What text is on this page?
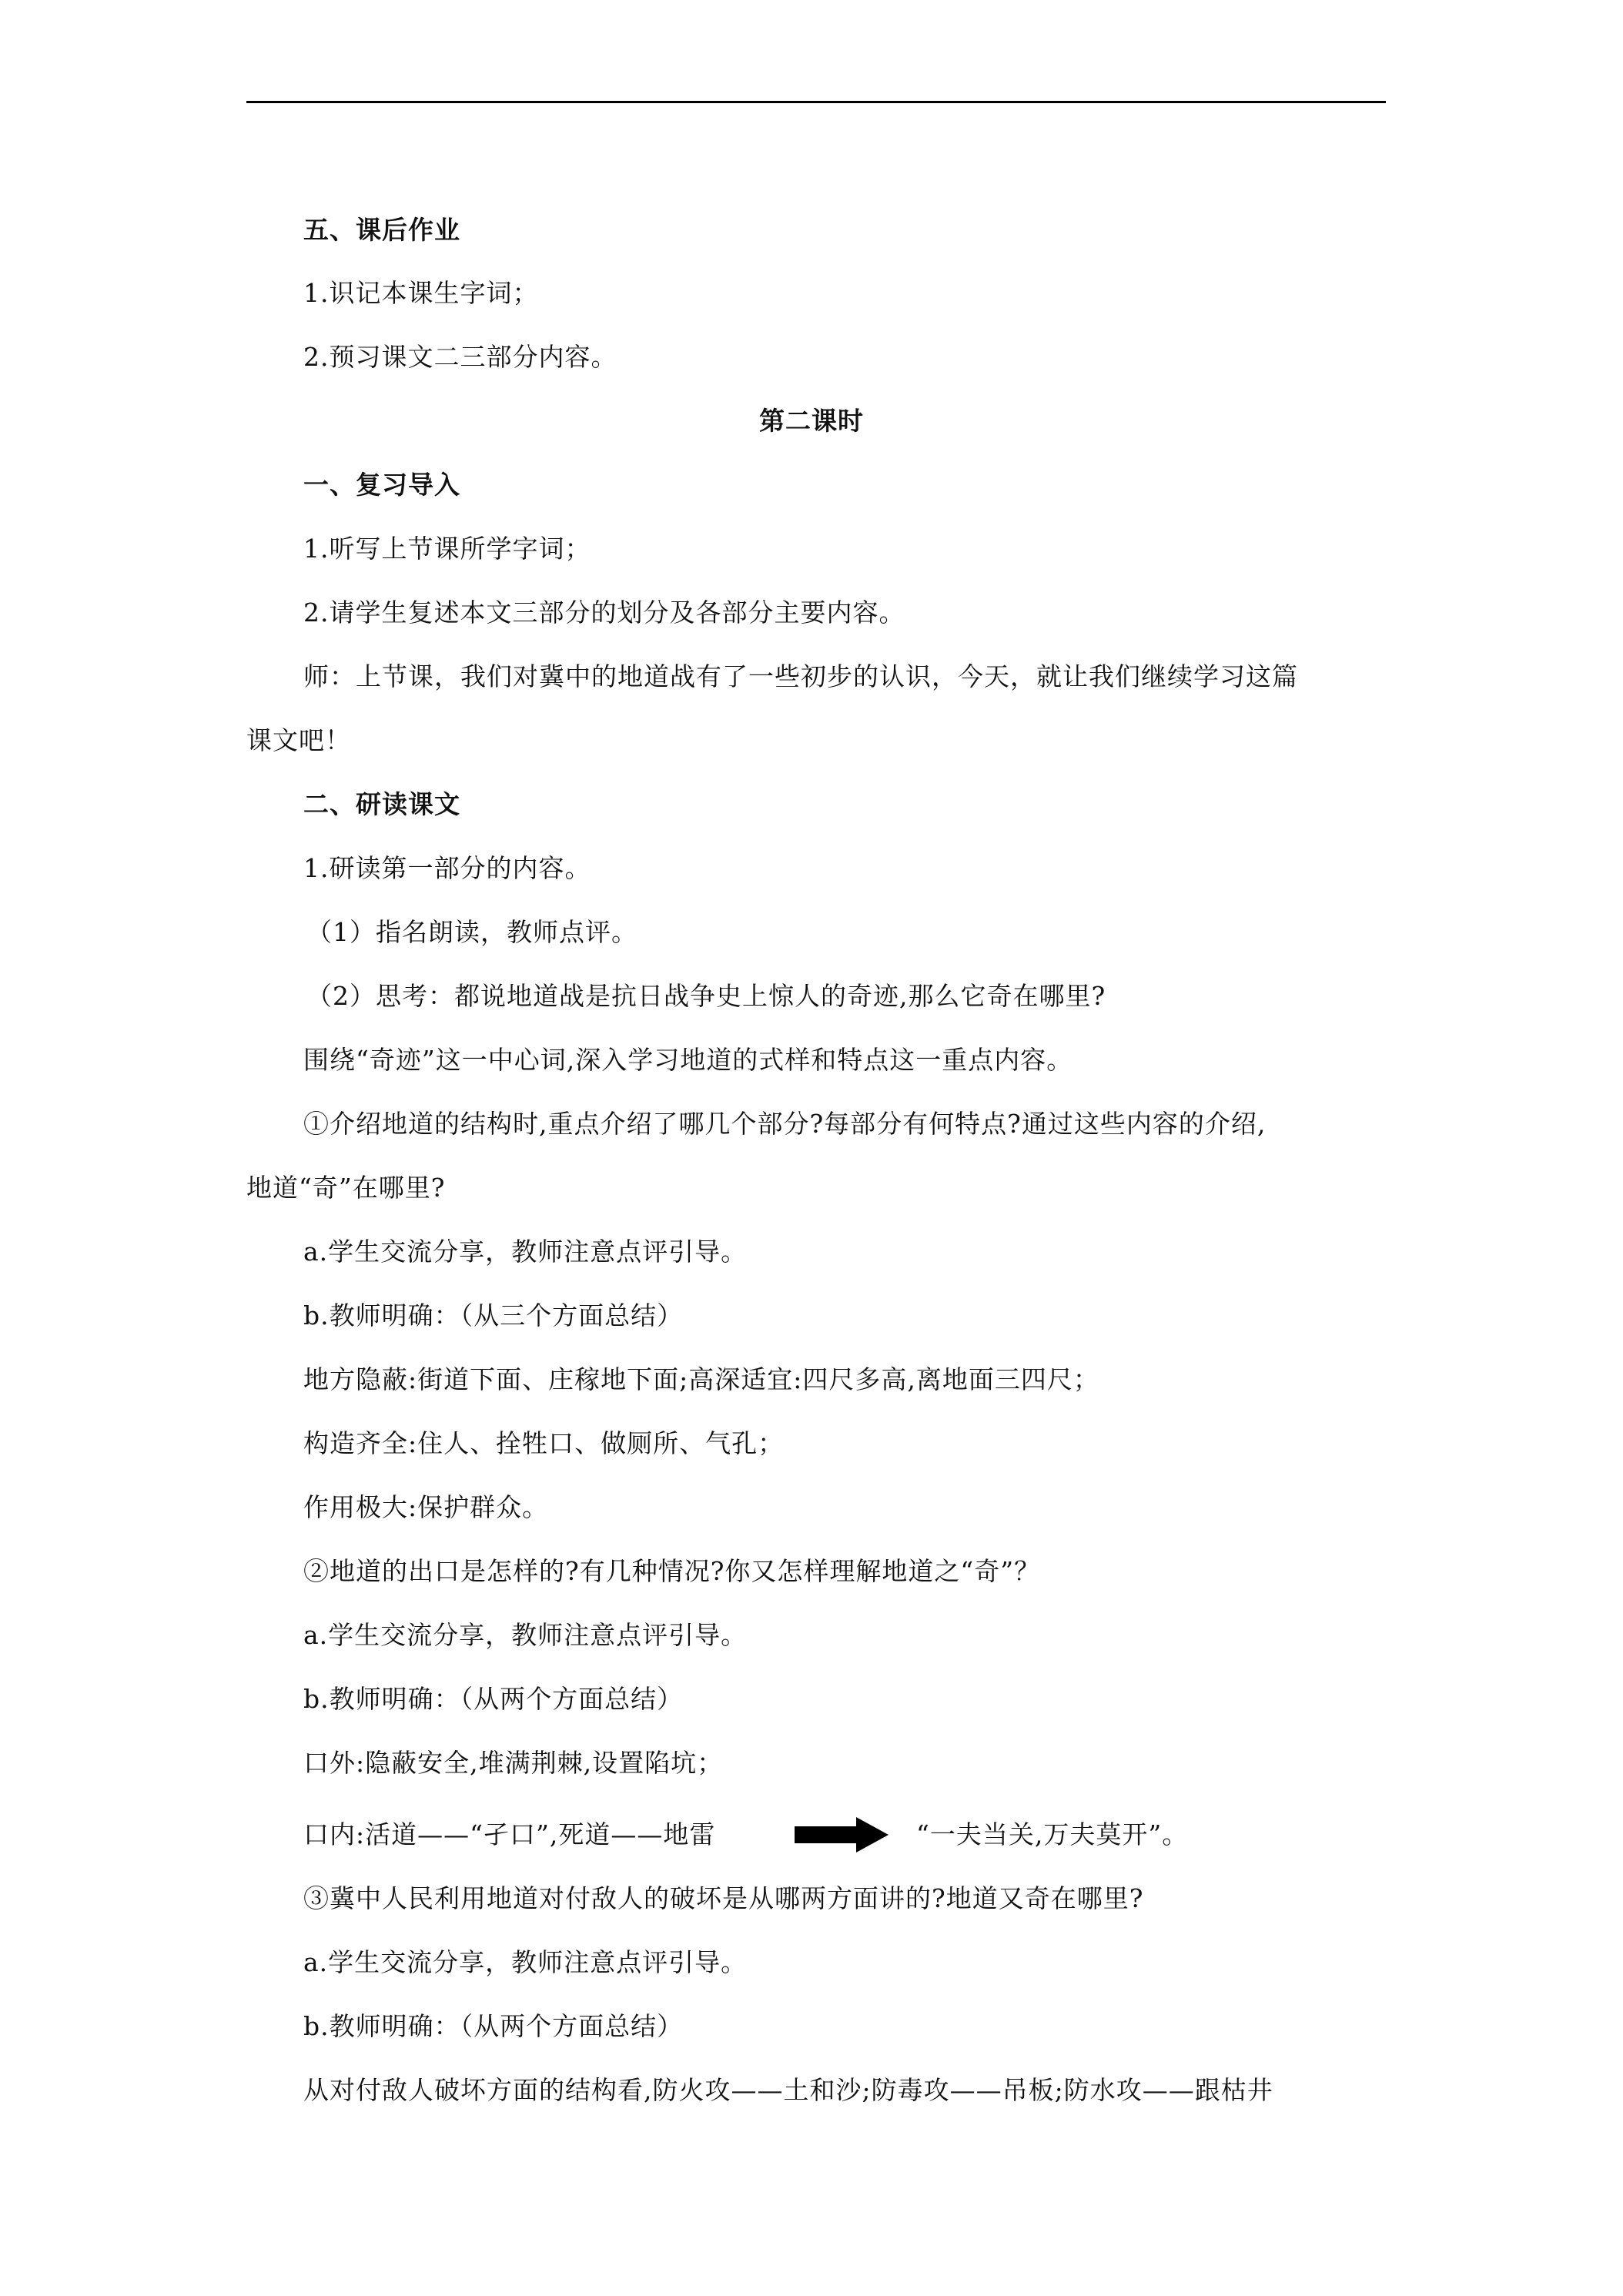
五、课后作业
1.识记本课生字词；
2.预习课文二三部分内容。
第二课时
一、复习导入
1.听写上节课所学字词；
2.请学生复述本文三部分的划分及各部分主要内容。
师：上节课，我们对冀中的地道战有了一些初步的认识，今天，就让我们继续学习这篇
课文吧！
二、研读课文
1.研读第一部分的内容。
（1）指名朗读，教师点评。
（2）思考：都说地道战是抗日战争史上惊人的奇迹,那么它奇在哪里?
围绕“奇迹”这一中心词,深入学习地道的式样和特点这一重点内容。
①介绍地道的结构时,重点介绍了哪几个部分?每部分有何特点?通过这些内容的介绍,
地道“奇”在哪里?
a.学生交流分享，教师注意点评引导。
b.教师明确：（从三个方面总结）
地方隐蔽:街道下面、庄稼地下面;高深适宜:四尺多高,离地面三四尺；
构造齐全:住人、拴牲口、做厕所、气孔；
作用极大:保护群众。
②地道的出口是怎样的?有几种情况?你又怎样理解地道之“奇”？
a.学生交流分享，教师注意点评引导。
b.教师明确：（从两个方面总结）
口外:隐蔽安全,堆满荆棘,设置陷坑；
口内:活道——“孑口”,死道——地雷	“一夫当关,万夫莫开”。
③冀中人民利用地道对付敌人的破坏是从哪两方面讲的?地道又奇在哪里?
a.学生交流分享，教师注意点评引导。
b.教师明确：（从两个方面总结）
从对付敌人破坏方面的结构看,防火攻——土和沙;防毒攻——吊板;防水攻——跟枯井
